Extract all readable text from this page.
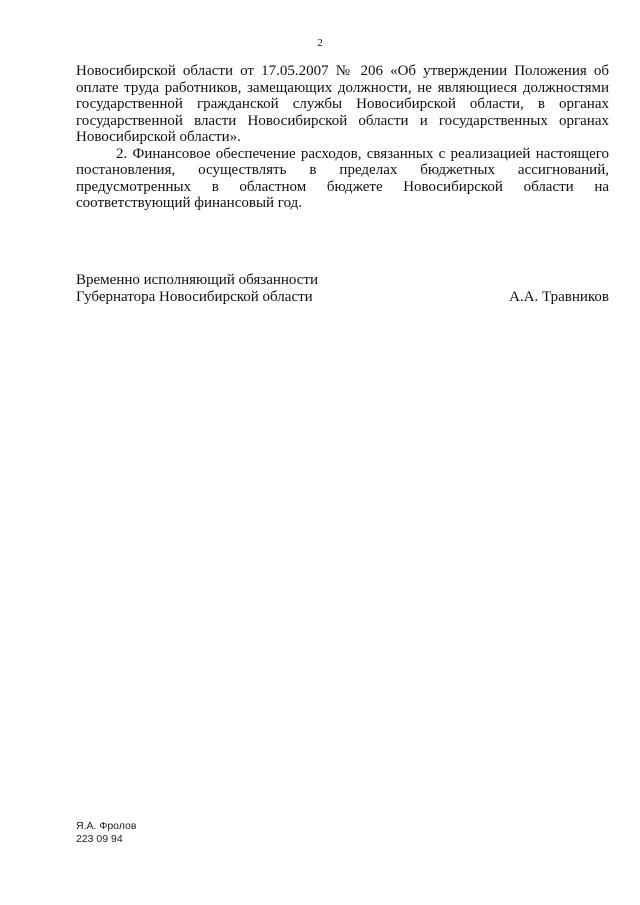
2

Новосибирской области от 17.05.2007 № 206 «Об утверждении Положения об оплате труда работников, замещающих должности, не являющиеся должностями государственной гражданской службы Новосибирской области, в органах государственной власти Новосибирской области и государственных органах Новосибирской области».

2. Финансовое обеспечение расходов, связанных с реализацией настоящего постановления, осуществлять в пределах бюджетных ассигнований, предусмотренных в областном бюджете Новосибирской области на соответствующий финансовый год.

Временно исполняющий обязанности
Губернатора Новосибирской области	А.А. Травников
Я.А. Фролов
223 09 94
